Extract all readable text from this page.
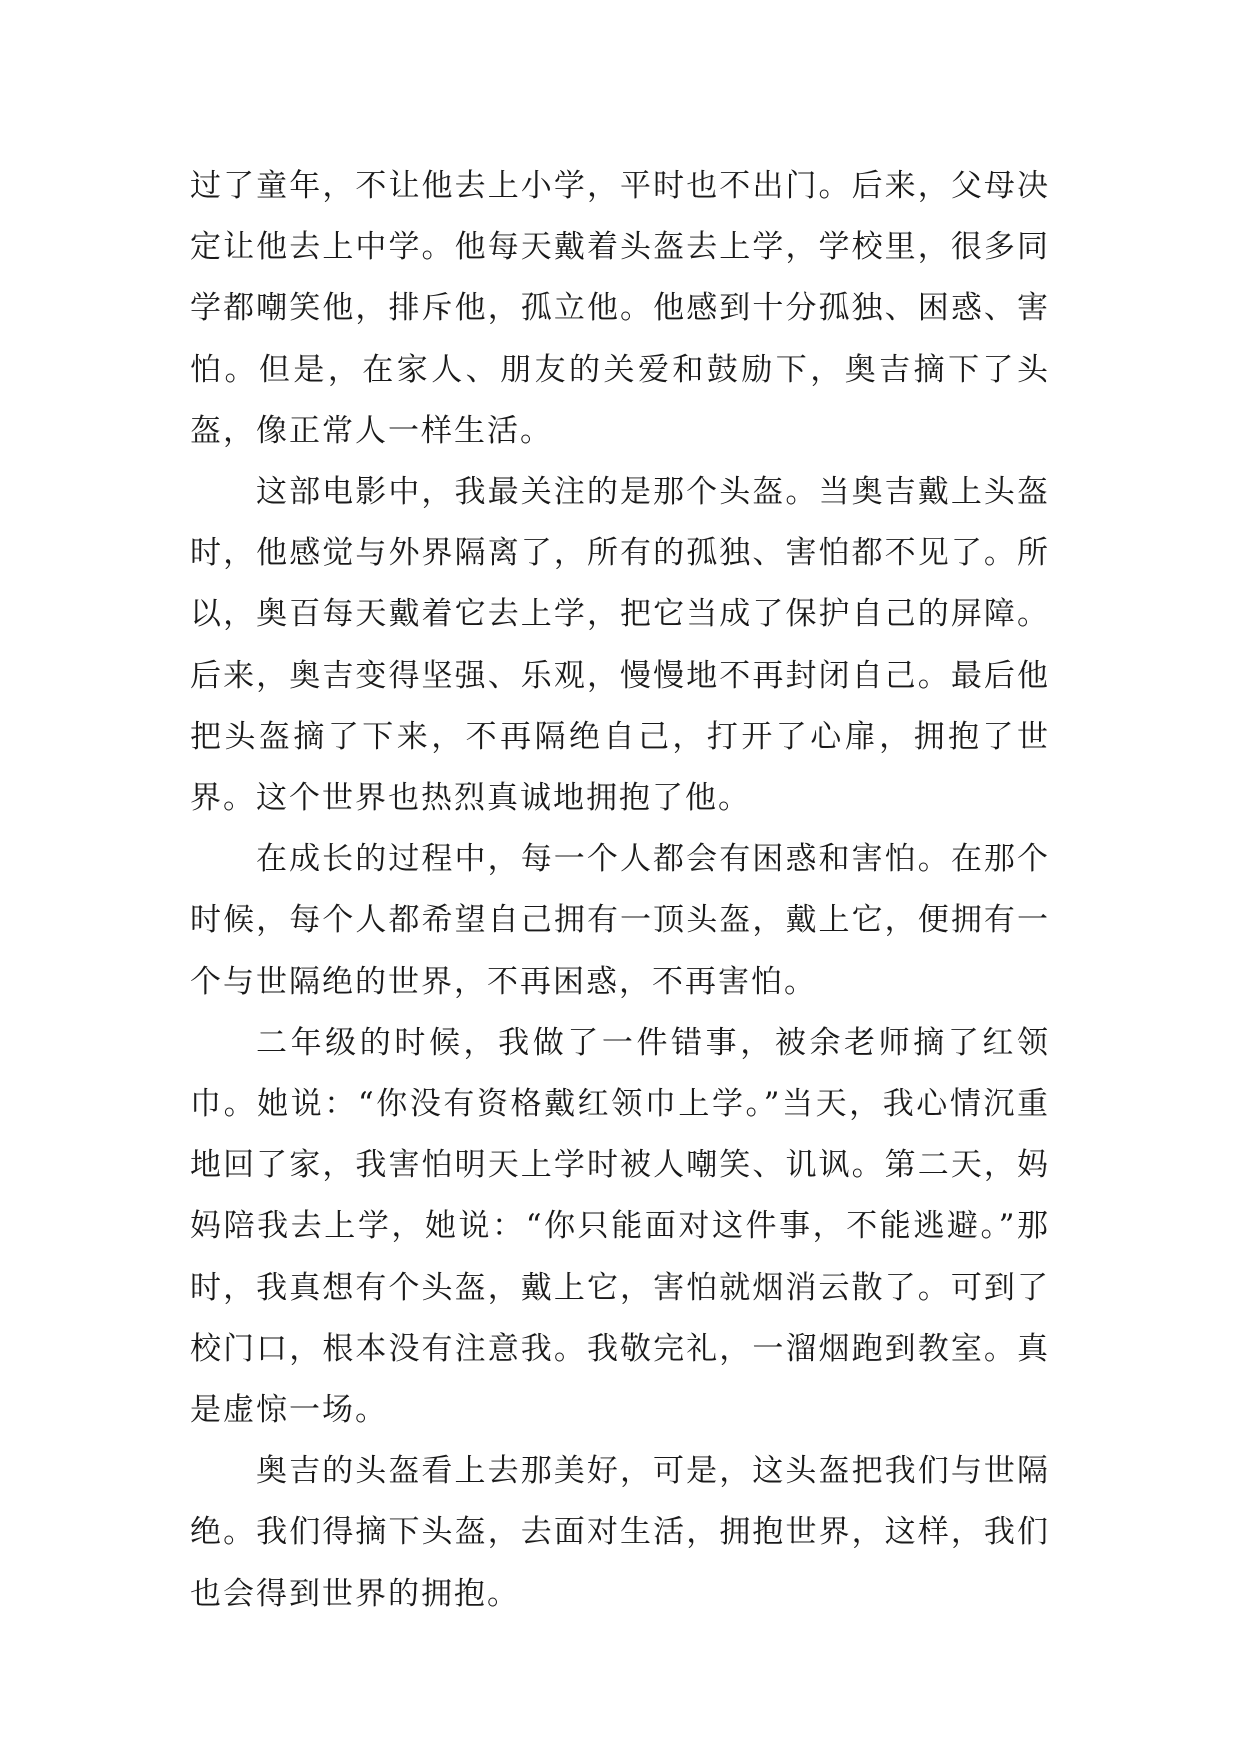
过了童年，不让他去上小学，平时也不出门。后来，父母决定让他去上中学。他每天戴着头盔去上学，学校里，很多同学都嘲笑他，排斥他，孤立他。他感到十分孤独、困惑、害怕。但是，在家人、朋友的关爱和鼓励下，奥吉摘下了头盔，像正常人一样生活。

这部电影中，我最关注的是那个头盔。当奥吉戴上头盔时，他感觉与外界隔离了，所有的孤独、害怕都不见了。所以，奥百每天戴着它去上学，把它当成了保护自己的屏障。后来，奥吉变得坚强、乐观，慢慢地不再封闭自己。最后他把头盔摘了下来，不再隔绝自己，打开了心扉，拥抱了世界。这个世界也热烈真诚地拥抱了他。

在成长的过程中，每一个人都会有困惑和害怕。在那个时候，每个人都希望自己拥有一顶头盔，戴上它，便拥有一个与世隔绝的世界，不再困惑，不再害怕。

二年级的时候，我做了一件错事，被余老师摘了红领巾。她说：“你没有资格戴红领巾上学。”当天，我心情沉重地回了家，我害怕明天上学时被人嘲笑、讥讽。第二天，妈妈陪我去上学，她说：“你只能面对这件事，不能逃避。”那时，我真想有个头盔，戴上它，害怕就烟消云散了。可到了校门口，根本没有注意我。我敬完礼，一溜烟跑到教室。真是虚惊一场。

奥吉的头盔看上去那美好，可是，这头盔把我们与世隔绝。我们得摘下头盔，去面对生活，拥抱世界，这样，我们也会得到世界的拥抱。
